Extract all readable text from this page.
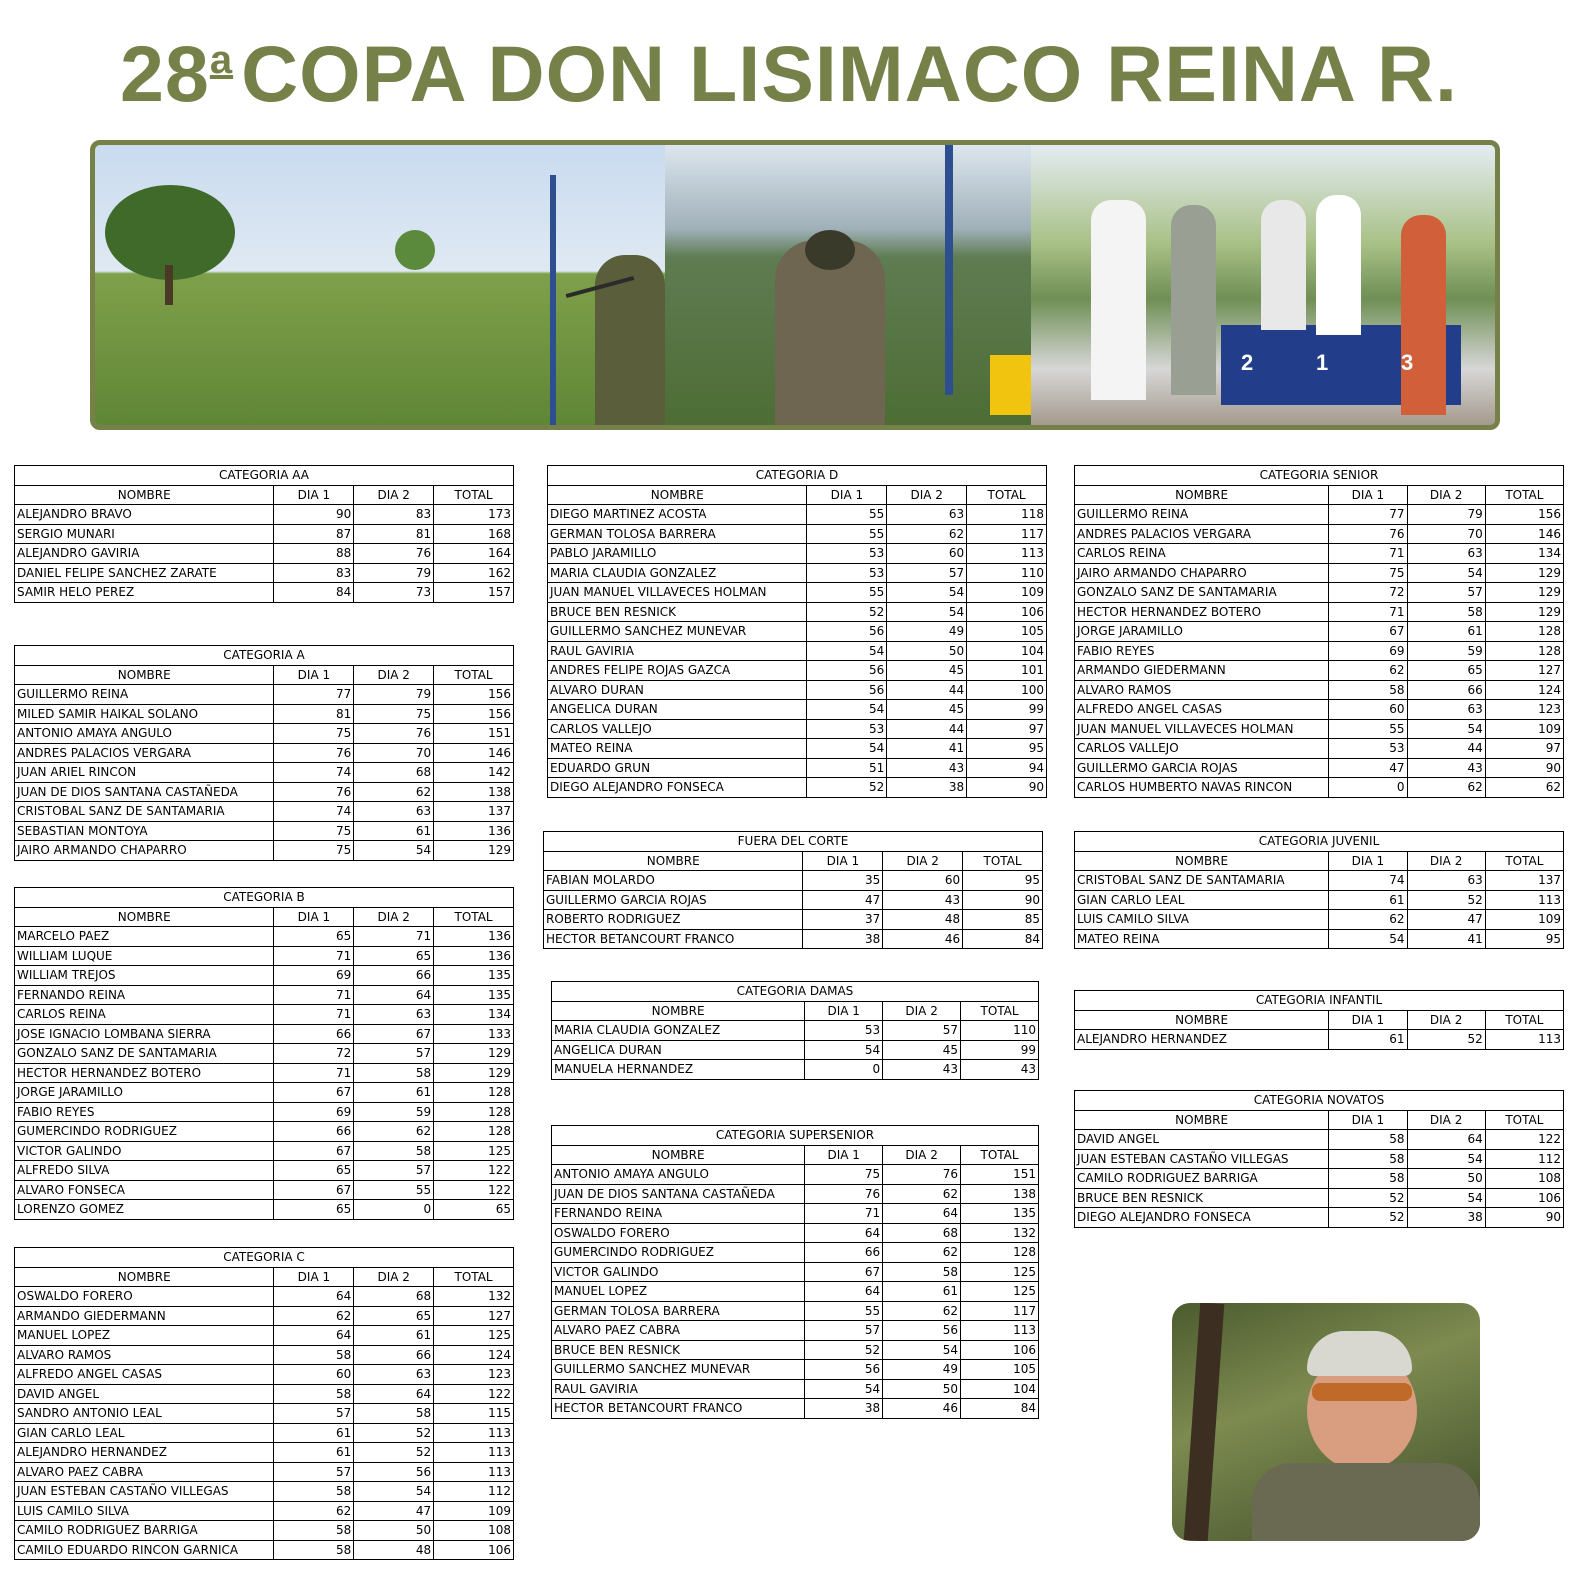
28$^a$ COPA DON LISIMACO REINA R.
2	1	3
CATEGORIA AA			
NOMBRE	DIA 1	DIA 2	TOTAL
ALEJANDRO BRAVO	90	83	173
SERGIO MUNARI	87	81	168
ALEJANDRO GAVIRIA	88	76	164
DANIEL FELIPE SANCHEZ ZARATE	83	79	162
SAMIR HELO PEREZ	84	73	157
CATEGORIA A			
NOMBRE	DIA 1	DIA 2	TOTAL
GUILLERMO REINA	77	79	156
MILED SAMIR HAIKAL SOLANO	81	75	156
ANTONIO AMAYA ANGULO	75	76	151
ANDRES PALACIOS VERGARA	76	70	146
JUAN ARIEL RINCON	74	68	142
JUAN DE DIOS SANTANA CASTAÑEDA	76	62	138
CRISTOBAL SANZ DE SANTAMARIA	74	63	137
SEBASTIAN MONTOYA	75	61	136
JAIRO ARMANDO CHAPARRO	75	54	129
CATEGORIA B			
NOMBRE	DIA 1	DIA 2	TOTAL
MARCELO PAEZ	65	71	136
WILLIAM LUQUE	71	65	136
WILLIAM TREJOS	69	66	135
FERNANDO REINA	71	64	135
CARLOS REINA	71	63	134
JOSE IGNACIO LOMBANA SIERRA	66	67	133
GONZALO SANZ DE SANTAMARIA	72	57	129
HECTOR HERNANDEZ BOTERO	71	58	129
JORGE JARAMILLO	67	61	128
FABIO REYES	69	59	128
GUMERCINDO RODRIGUEZ	66	62	128
VICTOR GALINDO	67	58	125
ALFREDO SILVA	65	57	122
ALVARO FONSECA	67	55	122
LORENZO GOMEZ	65	0	65
CATEGORIA C			
NOMBRE	DIA 1	DIA 2	TOTAL
OSWALDO FORERO	64	68	132
ARMANDO GIEDERMANN	62	65	127
MANUEL LOPEZ	64	61	125
ALVARO RAMOS	58	66	124
ALFREDO ANGEL CASAS	60	63	123
DAVID ANGEL	58	64	122
SANDRO ANTONIO LEAL	57	58	115
GIAN CARLO LEAL	61	52	113
ALEJANDRO HERNANDEZ	61	52	113
ALVARO PAEZ CABRA	57	56	113
JUAN ESTEBAN CASTAÑO VILLEGAS	58	54	112
LUIS CAMILO SILVA	62	47	109
CAMILO RODRIGUEZ BARRIGA	58	50	108
CAMILO EDUARDO RINCON GARNICA	58	48	106
CATEGORIA D			
NOMBRE	DIA 1	DIA 2	TOTAL
DIEGO MARTINEZ ACOSTA	55	63	118
GERMAN TOLOSA BARRERA	55	62	117
PABLO JARAMILLO	53	60	113
MARIA CLAUDIA GONZALEZ	53	57	110
JUAN MANUEL VILLAVECES HOLMAN	55	54	109
BRUCE BEN RESNICK	52	54	106
GUILLERMO SANCHEZ MUNEVAR	56	49	105
RAUL GAVIRIA	54	50	104
ANDRES FELIPE ROJAS GAZCA	56	45	101
ALVARO DURAN	56	44	100
ANGELICA DURAN	54	45	99
CARLOS VALLEJO	53	44	97
MATEO REINA	54	41	95
EDUARDO GRUN	51	43	94
DIEGO ALEJANDRO FONSECA	52	38	90
FUERA DEL CORTE			
NOMBRE	DIA 1	DIA 2	TOTAL
FABIAN MOLARDO	35	60	95
GUILLERMO GARCIA ROJAS	47	43	90
ROBERTO RODRIGUEZ	37	48	85
HECTOR BETANCOURT FRANCO	38	46	84
CATEGORIA DAMAS			
NOMBRE	DIA 1	DIA 2	TOTAL
MARIA CLAUDIA GONZALEZ	53	57	110
ANGELICA DURAN	54	45	99
MANUELA HERNANDEZ	0	43	43
CATEGORIA SUPERSENIOR			
NOMBRE	DIA 1	DIA 2	TOTAL
ANTONIO AMAYA ANGULO	75	76	151
JUAN DE DIOS SANTANA CASTAÑEDA	76	62	138
FERNANDO REINA	71	64	135
OSWALDO FORERO	64	68	132
GUMERCINDO RODRIGUEZ	66	62	128
VICTOR GALINDO	67	58	125
MANUEL LOPEZ	64	61	125
GERMAN TOLOSA BARRERA	55	62	117
ALVARO PAEZ CABRA	57	56	113
BRUCE BEN RESNICK	52	54	106
GUILLERMO SANCHEZ MUNEVAR	56	49	105
RAUL GAVIRIA	54	50	104
HECTOR BETANCOURT FRANCO	38	46	84
CATEGORIA SENIOR			
NOMBRE	DIA 1	DIA 2	TOTAL
GUILLERMO REINA	77	79	156
ANDRES PALACIOS VERGARA	76	70	146
CARLOS REINA	71	63	134
JAIRO ARMANDO CHAPARRO	75	54	129
GONZALO SANZ DE SANTAMARIA	72	57	129
HECTOR HERNANDEZ BOTERO	71	58	129
JORGE JARAMILLO	67	61	128
FABIO REYES	69	59	128
ARMANDO GIEDERMANN	62	65	127
ALVARO RAMOS	58	66	124
ALFREDO ANGEL CASAS	60	63	123
JUAN MANUEL VILLAVECES HOLMAN	55	54	109
CARLOS VALLEJO	53	44	97
GUILLERMO GARCIA ROJAS	47	43	90
CARLOS HUMBERTO NAVAS RINCON	0	62	62
CATEGORIA JUVENIL			
NOMBRE	DIA 1	DIA 2	TOTAL
CRISTOBAL SANZ DE SANTAMARIA	74	63	137
GIAN CARLO LEAL	61	52	113
LUIS CAMILO SILVA	62	47	109
MATEO REINA	54	41	95
CATEGORIA INFANTIL			
NOMBRE	DIA 1	DIA 2	TOTAL
ALEJANDRO HERNANDEZ	61	52	113
CATEGORIA NOVATOS			
NOMBRE	DIA 1	DIA 2	TOTAL
DAVID ANGEL	58	64	122
JUAN ESTEBAN CASTAÑO VILLEGAS	58	54	112
CAMILO RODRIGUEZ BARRIGA	58	50	108
BRUCE BEN RESNICK	52	54	106
DIEGO ALEJANDRO FONSECA	52	38	90
